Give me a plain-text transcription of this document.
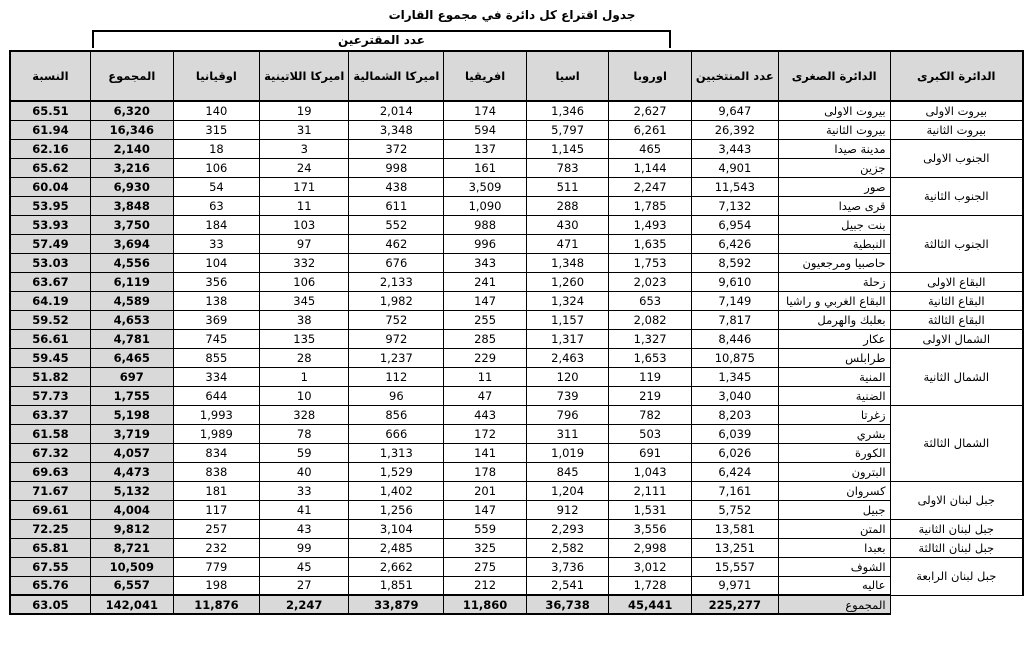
جدول اقتراع كل دائرة في مجموع القارات
عدد المقترعين
النسبة	المجموع	اوقيانيا	اميركا اللاتينية	اميركا الشمالية	افريقيا	اسيا	اوروبا	عدد المنتخبين	الدائرة الصغرى	الدائرة الكبرى
65.51	6,320	140	19	2,014	174	1,346	2,627	9,647	بيروت الاولى	بيروت الاولى
61.94	16,346	315	31	3,348	594	5,797	6,261	26,392	بيروت الثانية	بيروت الثانية
62.16	2,140	18	3	372	137	1,145	465	3,443	مدينة صيدا	الجنوب الاولى
65.62	3,216	106	24	998	161	783	1,144	4,901	جزين	
60.04	6,930	54	171	438	3,509	511	2,247	11,543	صور	الجنوب الثانية
53.95	3,848	63	11	611	1,090	288	1,785	7,132	قرى صيدا	
53.93	3,750	184	103	552	988	430	1,493	6,954	بنت جبيل	الجنوب الثالثة
57.49	3,694	33	97	462	996	471	1,635	6,426	النبطية	
53.03	4,556	104	332	676	343	1,348	1,753	8,592	حاصبيا ومرجعيون	
63.67	6,119	356	106	2,133	241	1,260	2,023	9,610	زحلة	البقاع الاولى
64.19	4,589	138	345	1,982	147	1,324	653	7,149	البقاع الغربي و راشيا	البقاع الثانية
59.52	4,653	369	38	752	255	1,157	2,082	7,817	بعلبك والهرمل	البقاع الثالثة
56.61	4,781	745	135	972	285	1,317	1,327	8,446	عكار	الشمال الاولى
59.45	6,465	855	28	1,237	229	2,463	1,653	10,875	طرابلس	الشمال الثانية
51.82	697	334	1	112	11	120	119	1,345	المنية	
57.73	1,755	644	10	96	47	739	219	3,040	الضنية	
63.37	5,198	1,993	328	856	443	796	782	8,203	زغرتا	الشمال الثالثة
61.58	3,719	1,989	78	666	172	311	503	6,039	بشري	
67.32	4,057	834	59	1,313	141	1,019	691	6,026	الكورة	
69.63	4,473	838	40	1,529	178	845	1,043	6,424	البترون	
71.67	5,132	181	33	1,402	201	1,204	2,111	7,161	كسروان	جبل لبنان الاولى
69.61	4,004	117	41	1,256	147	912	1,531	5,752	جبيل	
72.25	9,812	257	43	3,104	559	2,293	3,556	13,581	المتن	جبل لبنان الثانية
65.81	8,721	232	99	2,485	325	2,582	2,998	13,251	بعبدا	جبل لبنان الثالثة
67.55	10,509	779	45	2,662	275	3,736	3,012	15,557	الشوف	جبل لبنان الرابعة
65.76	6,557	198	27	1,851	212	2,541	1,728	9,971	عاليه	
63.05	142,041	11,876	2,247	33,879	11,860	36,738	45,441	225,277	المجموع	
